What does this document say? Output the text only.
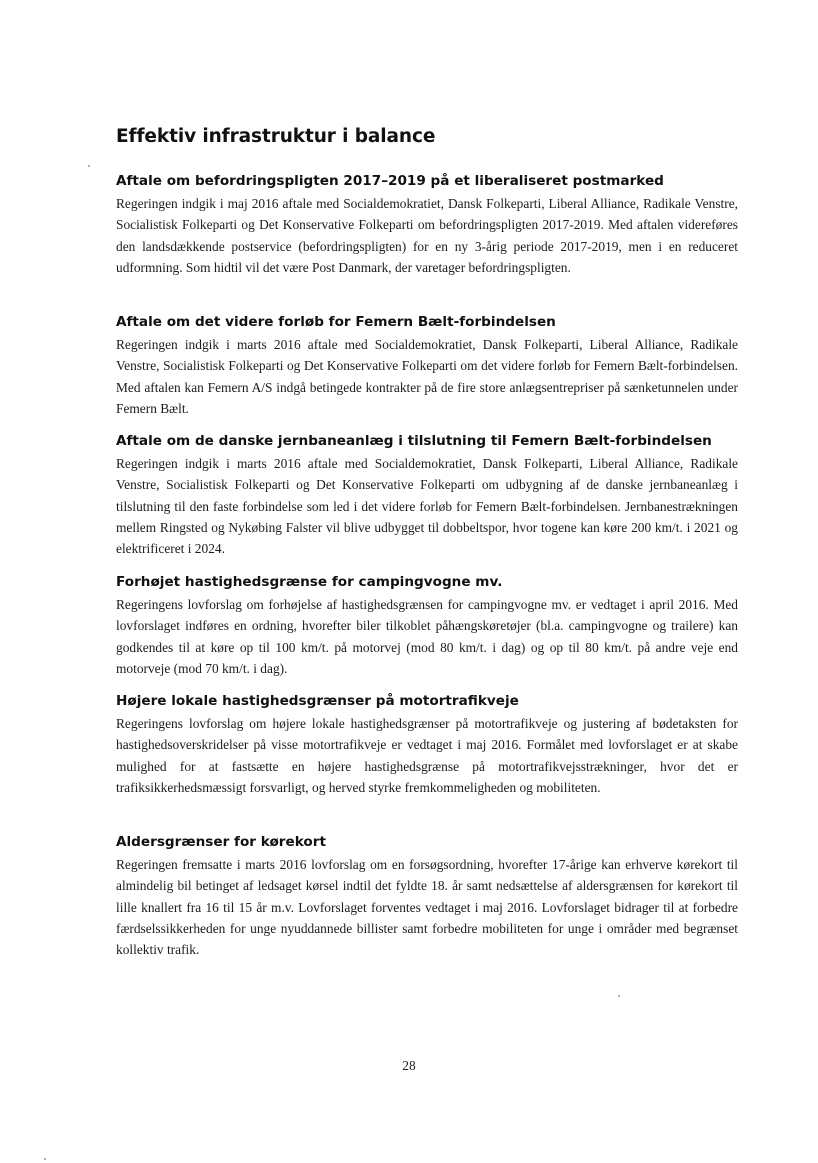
Effektiv infrastruktur i balance
Aftale om befordringspligten 2017–2019 på et liberaliseret postmarked

Regeringen indgik i maj 2016 aftale med Socialdemokratiet, Dansk Folkeparti, Liberal Alliance, Radikale Venstre, Socialistisk Folkeparti og Det Konservative Folkeparti om befordringspligten 2017-2019. Med aftalen videreføres den landsdækkende postservice (befordringspligten) for en ny 3-årig periode 2017-2019, men i en reduceret udformning. Som hidtil vil det være Post Danmark, der varetager befordringspligten.

Aftale om det videre forløb for Femern Bælt-forbindelsen

Regeringen indgik i marts 2016 aftale med Socialdemokratiet, Dansk Folkeparti, Liberal Alliance, Radikale Venstre, Socialistisk Folkeparti og Det Konservative Folkeparti om det videre forløb for Femern Bælt-forbindelsen. Med aftalen kan Femern A/S indgå betingede kontrakter på de fire store anlægsentrepriser på sænketunnelen under Femern Bælt.

Aftale om de danske jernbaneanlæg i tilslutning til Femern Bælt-forbindelsen

Regeringen indgik i marts 2016 aftale med Socialdemokratiet, Dansk Folkeparti, Liberal Alliance, Radikale Venstre, Socialistisk Folkeparti og Det Konservative Folkeparti om udbygning af de danske jernbaneanlæg i tilslutning til den faste forbindelse som led i det videre forløb for Femern Bælt-forbindelsen. Jernbanestrækningen mellem Ringsted og Nykøbing Falster vil blive udbygget til dobbeltspor, hvor togene kan køre 200 km/t. i 2021 og elektrificeret i 2024.

Forhøjet hastighedsgrænse for campingvogne mv.

Regeringens lovforslag om forhøjelse af hastighedsgrænsen for campingvogne mv. er vedtaget i april 2016. Med lovforslaget indføres en ordning, hvorefter biler tilkoblet påhængskøretøjer (bl.a. campingvogne og trailere) kan godkendes til at køre op til 100 km/t. på motorvej (mod 80 km/t. i dag) og op til 80 km/t. på andre veje end motorveje (mod 70 km/t. i dag).

Højere lokale hastighedsgrænser på motortrafikveje

Regeringens lovforslag om højere lokale hastighedsgrænser på motortrafikveje og justering af bødetaksten for hastighedsoverskridelser på visse motortrafikveje er vedtaget i maj 2016. Formålet med lovforslaget er at skabe mulighed for at fastsætte en højere hastighedsgrænse på motortrafikvejsstrækninger, hvor det er trafiksikkerhedsmæssigt forsvarligt, og herved styrke fremkommeligheden og mobiliteten.

Aldersgrænser for kørekort

Regeringen fremsatte i marts 2016 lovforslag om en forsøgsordning, hvorefter 17-årige kan erhverve kørekort til almindelig bil betinget af ledsaget kørsel indtil det fyldte 18. år samt nedsættelse af aldersgrænsen for kørekort til lille knallert fra 16 til 15 år m.v. Lovforslaget forventes vedtaget i maj 2016. Lovforslaget bidrager til at forbedre færdselssikkerheden for unge nyuddannede billister samt forbedre mobiliteten for unge i områder med begrænset kollektiv trafik.

28
